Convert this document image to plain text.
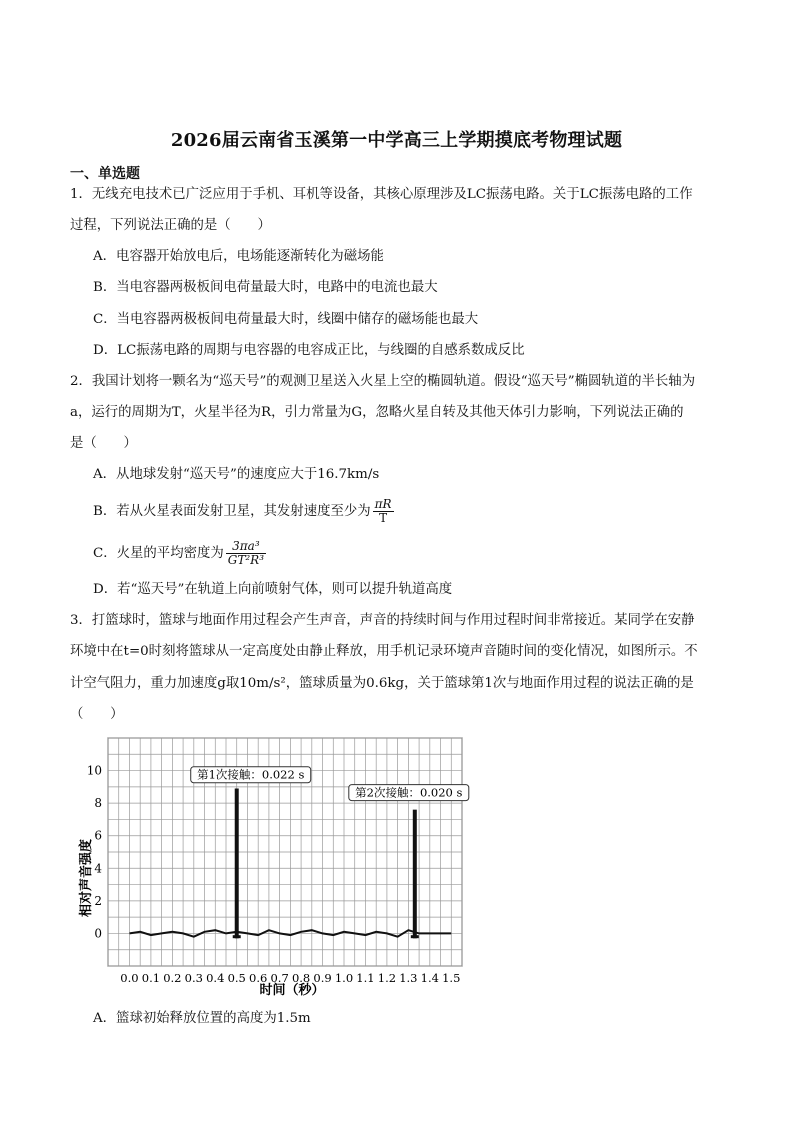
2026届云南省玉溪第一中学高三上学期摸底考物理试题
一、单选题
1．无线充电技术已广泛应用于手机、耳机等设备，其核心原理涉及LC振荡电路。关于LC振荡电路的工作
过程，下列说法正确的是（　　）
A．电容器开始放电后，电场能逐渐转化为磁场能
B．当电容器两极板间电荷量最大时，电路中的电流也最大
C．当电容器两极板间电荷量最大时，线圈中储存的磁场能也最大
D．LC振荡电路的周期与电容器的电容成正比，与线圈的自感系数成反比
2．我国计划将一颗名为“巡天号”的观测卫星送入火星上空的椭圆轨道。假设“巡天号”椭圆轨道的半长轴为
a，运行的周期为T，火星半径为R，引力常量为G，忽略火星自转及其他天体引力影响，下列说法正确的
是（　　）
A．从地球发射“巡天号”的速度应大于16.7km/s
B．若从火星表面发射卫星，其发射速度至少为 $\frac{\pi R}{T}$
C．火星的平均密度为 $\frac{\text{3πa³}}{\text{GT²R³}}$
D．若“巡天号”在轨道上向前喷射气体，则可以提升轨道高度
3．打篮球时，篮球与地面作用过程会产生声音，声音的持续时间与作用过程时间非常接近。某同学在安静
环境中在t=0时刻将篮球从一定高度处由静止释放，用手机记录环境声音随时间的变化情况，如图所示。不
计空气阻力，重力加速度g取10m/s²，篮球质量为0.6kg，关于篮球第1次与地面作用过程的说法正确的是
（　　）
0
2
4
6
8
10
0.0 0.1 0.2 0.3 0.4 0.5 0.6 0.7 0.8 0.9 1.0 1.1 1.2 1.3 1.4 1.5
相对声音强度
时间（秒）
第1次接触：0.022 s
第2次接触：0.020 s
A．篮球初始释放位置的高度为1.5m
